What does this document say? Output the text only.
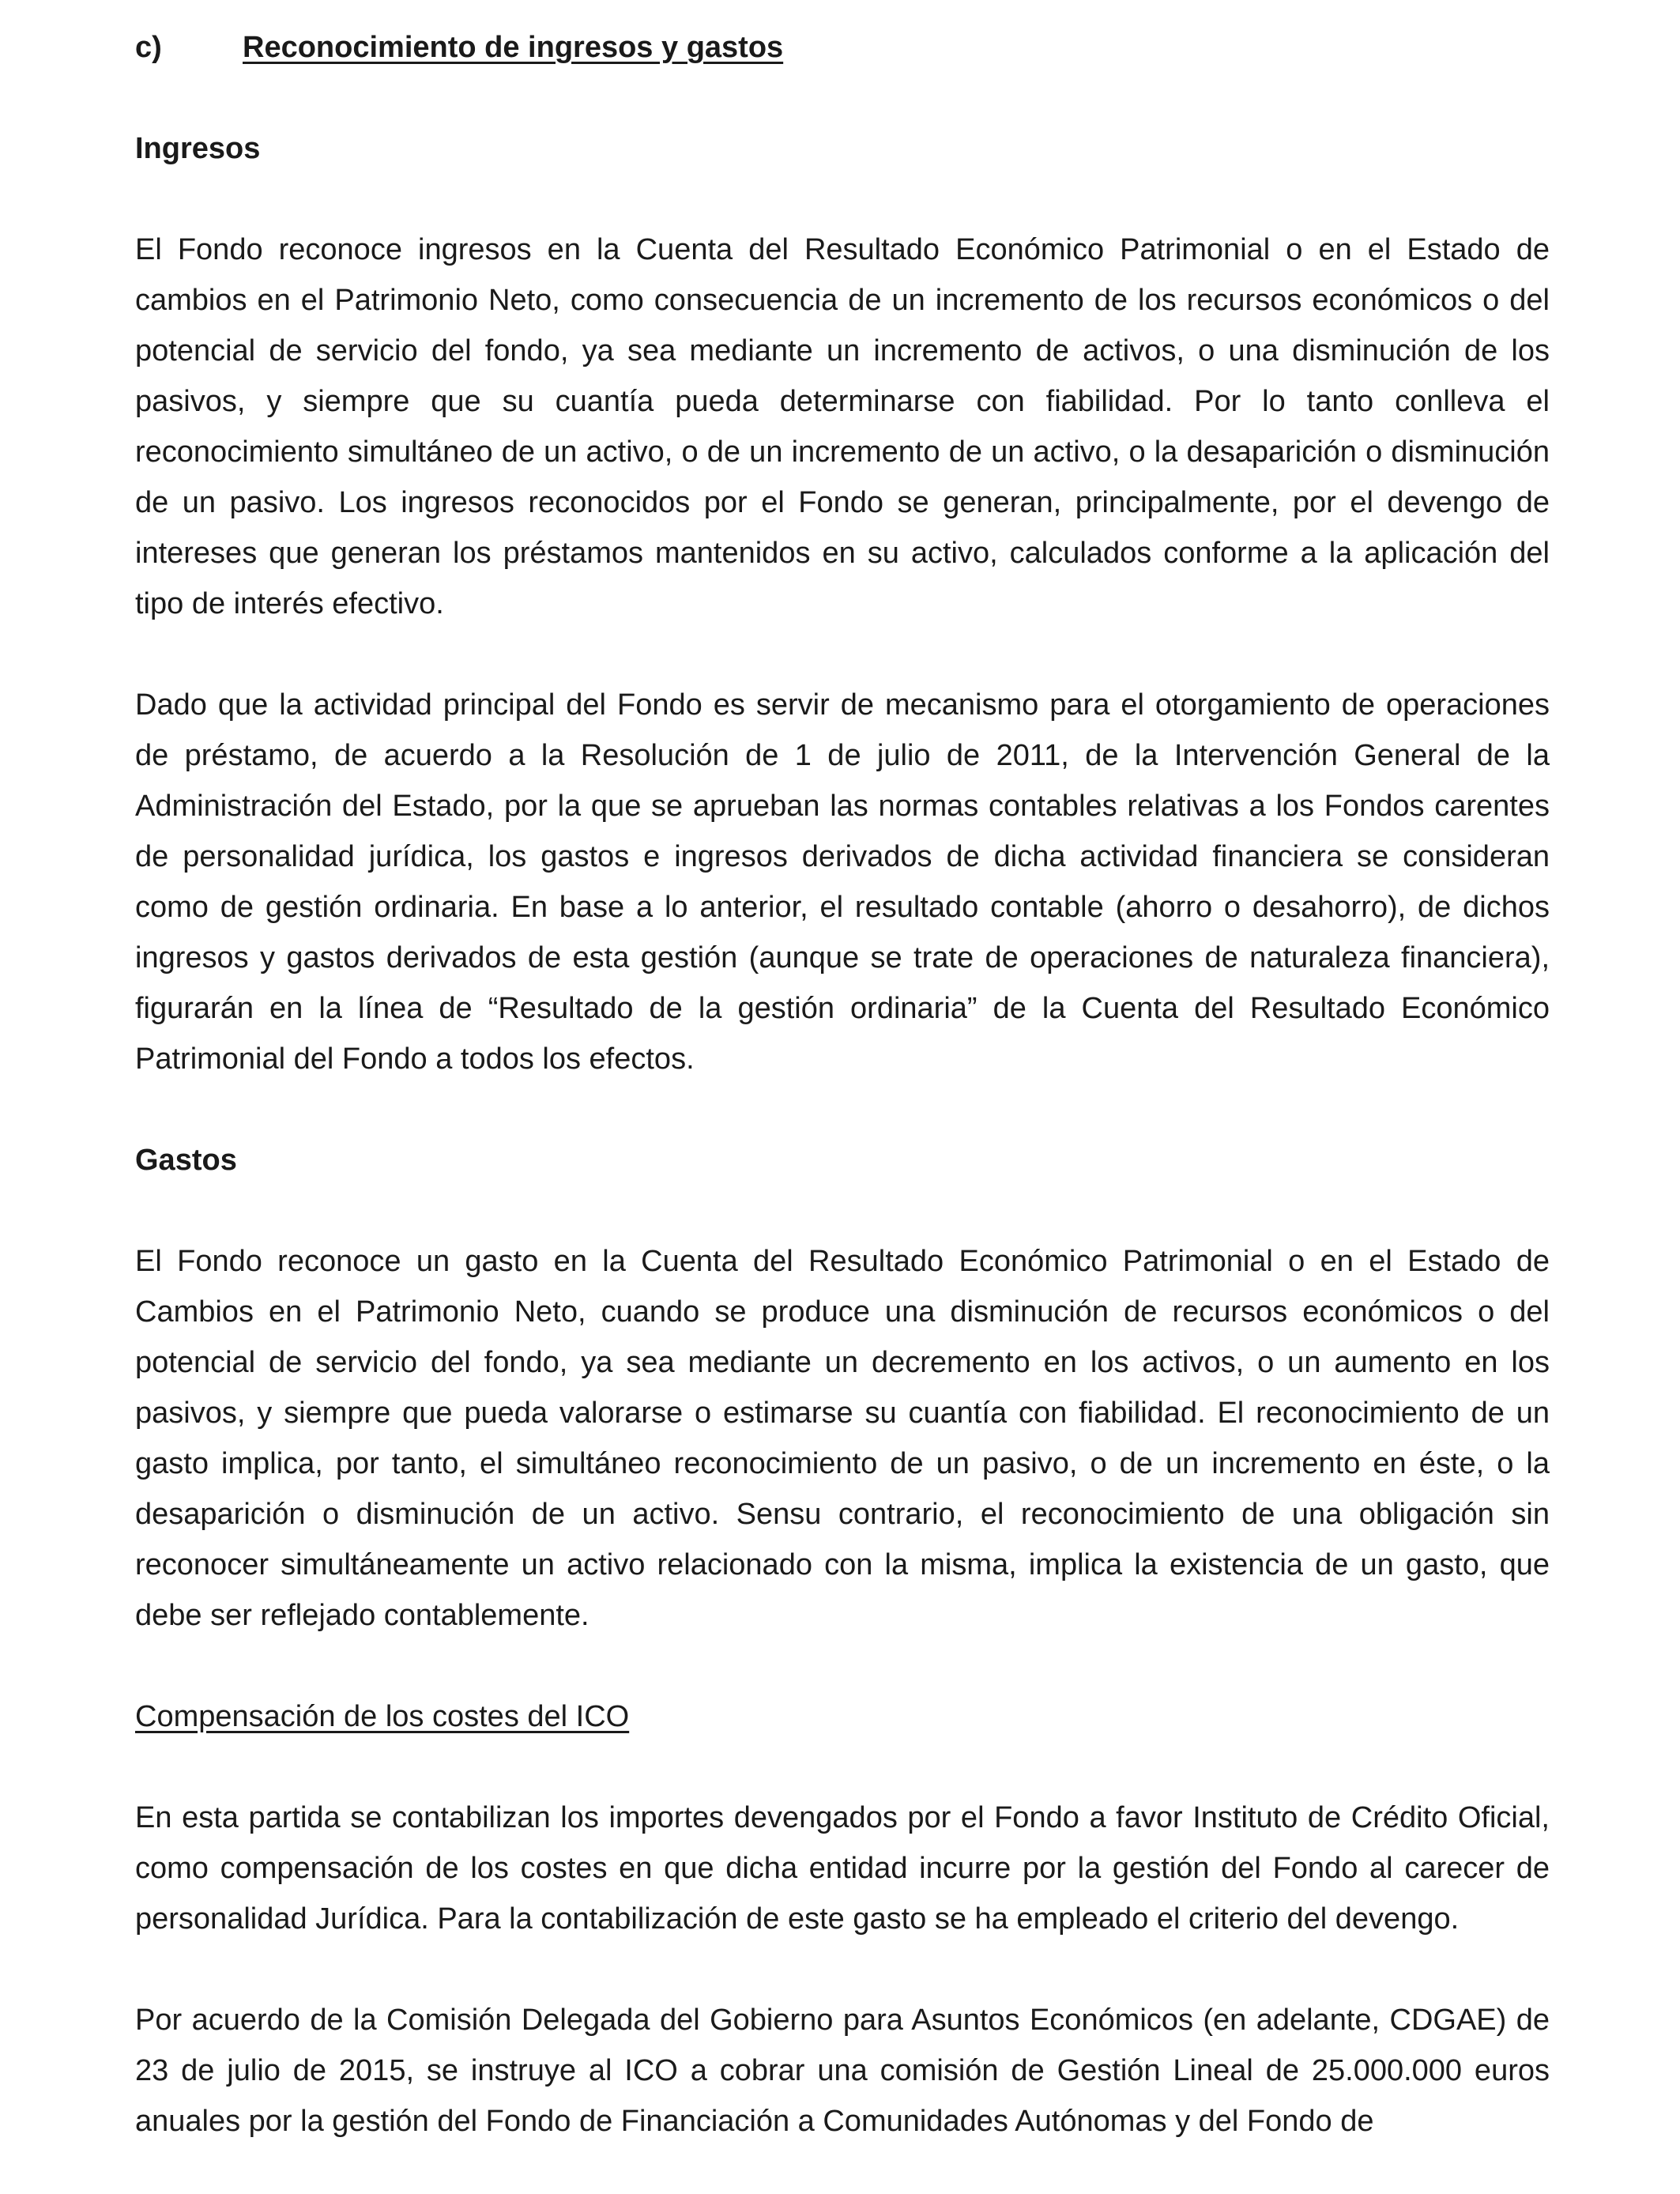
c)	Reconocimiento de ingresos y gastos
Ingresos

El Fondo reconoce ingresos en la Cuenta del Resultado Económico Patrimonial o en el Estado de cambios en el Patrimonio Neto, como consecuencia de un incremento de los recursos económicos o del potencial de servicio del fondo, ya sea mediante un incremento de activos, o una disminución de los pasivos, y siempre que su cuantía pueda determinarse con fiabilidad. Por lo tanto conlleva el reconocimiento simultáneo de un activo, o de un incremento de un activo, o la desaparición o disminución de un pasivo. Los ingresos reconocidos por el Fondo se generan, principalmente, por el devengo de intereses que generan los préstamos mantenidos en su activo, calculados conforme a la aplicación del tipo de interés efectivo.

Dado que la actividad principal del Fondo es servir de mecanismo para el otorgamiento de operaciones de préstamo, de acuerdo a la Resolución de 1 de julio de 2011, de la Intervención General de la Administración del Estado, por la que se aprueban las normas contables relativas a los Fondos carentes de personalidad jurídica, los gastos e ingresos derivados de dicha actividad financiera se consideran como de gestión ordinaria. En base a lo anterior, el resultado contable (ahorro o desahorro), de dichos ingresos y gastos derivados de esta gestión (aunque se trate de operaciones de naturaleza financiera), figurarán en la línea de “Resultado de la gestión ordinaria” de la Cuenta del Resultado Económico Patrimonial del Fondo a todos los efectos.

Gastos

El Fondo reconoce un gasto en la Cuenta del Resultado Económico Patrimonial o en el Estado de Cambios en el Patrimonio Neto, cuando se produce una disminución de recursos económicos o del potencial de servicio del fondo, ya sea mediante un decremento en los activos, o un aumento en los pasivos, y siempre que pueda valorarse o estimarse su cuantía con fiabilidad. El reconocimiento de un gasto implica, por tanto, el simultáneo reconocimiento de un pasivo, o de un incremento en éste, o la desaparición o disminución de un activo. Sensu contrario, el reconocimiento de una obligación sin reconocer simultáneamente un activo relacionado con la misma, implica la existencia de un gasto, que debe ser reflejado contablemente.

Compensación de los costes del ICO

En esta partida se contabilizan los importes devengados por el Fondo a favor Instituto de Crédito Oficial, como compensación de los costes en que dicha entidad incurre por la gestión del Fondo al carecer de personalidad Jurídica. Para la contabilización de este gasto se ha empleado el criterio del devengo.

Por acuerdo de la Comisión Delegada del Gobierno para Asuntos Económicos (en adelante, CDGAE) de 23 de julio de 2015, se instruye al ICO a cobrar una comisión de Gestión Lineal de 25.000.000 euros anuales por la gestión del Fondo de Financiación a Comunidades Autónomas y del Fondo de
